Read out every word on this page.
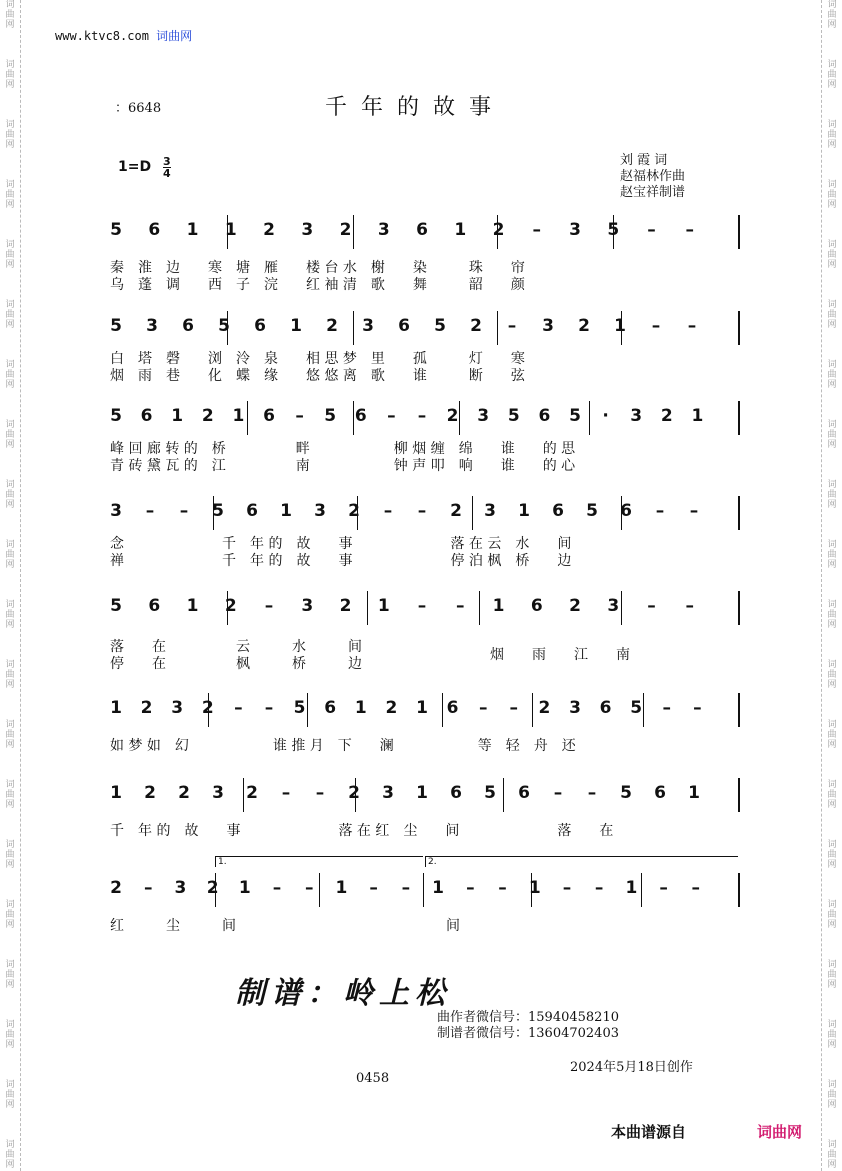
词
曲
网
词
曲
网
词
曲
网
词
曲
网
词
曲
网
词
曲
网
词
曲
网
词
曲
网
词
曲
网
词
曲
网
词
曲
网
词
曲
网
词
曲
网
词
曲
网
词
曲
网
词
曲
网
词
曲
网
词
曲
网
词
曲
网
词
曲
网
词
曲
网
词
曲
网
词
曲
网
词
曲
网
词
曲
网
词
曲
网
词
曲
网
词
曲
网
词
曲
网
词
曲
网
词
曲
网
词
曲
网
词
曲
网
词
曲
网
词
曲
网
词
曲
网
词
曲
网
词
曲
网
词
曲
网
词
曲
网
www.ktvc8.com 词曲网
：6648	千年的故事
1=D 3
4
刘 霞 词
赵福林作曲
赵宝祥制谱
5 6 1 1 2 3 2 3 6 1 2 – 3 5 – –
秦　淮　边　　寒　塘　雁　　楼 台 水　榭　　染　　　珠　　帘
乌　蓬　调　　西　子　浣　　红 袖 清　歌　　舞　　　韶　　颜
5 3 6 5 6 1 2 3 6 5 2 – 3 2 1 – –
白　塔　磬　　浏　泠　泉　　相 思 梦　里　　孤　　　灯　　寒
烟　雨　巷　　化　蝶　缘　　悠 悠 离　歌　　谁　　　断　　弦
5 6 1 2 1 6 – 5 6 – – 2 3 5 6 5 · 3 2 1
峰 回 廊 转 的　桥　　　　　畔　　　　　　柳 烟 缠　绵　　谁　　的 思
青 砖 黛 瓦 的　江　　　　　南　　　　　　钟 声 叩　响　　谁　　的 心
3 – – 5 6 1 3 2 – – 2 3 1 6 5 6 – –
念　　　　　　　千　年 的　故　　事　　　　　　　落 在 云　水　　间
禅　　　　　　　千　年 的　故　　事　　　　　　　停 泊 枫　桥　　边
5 6 1 2 – 3 2 1 – – 1 6 2 3 – –
落　　在　　　　　云　　　水　　　间
停　　在　　　　　枫　　　桥　　　边
烟　　雨　　江　　南
1 2 3 2 – – 5 6 1 2 1 6 – – 2 3 6 5 – –
如 梦 如　幻　　　　　　谁 推 月　下　　澜　　　　　　等　轻　舟　还
1 2 2 3 2 – – 2 3 1 6 5 6 – – 5 6 1
千　年 的　故　　事　　　　　　　落 在 红　尘　　间　　　　　　　落　　在
2 – 3 2 1 – – 1 – – 1 – – 1 – – 1 – –
1.	2.
红　　　尘　　　间　　　　　　　　　　　　　　　间
制谱：岭上松
曲作者微信号：15940458210
制谱者微信号：13604702403
2024年5月18日创作
0458
本曲谱源自	词曲网
